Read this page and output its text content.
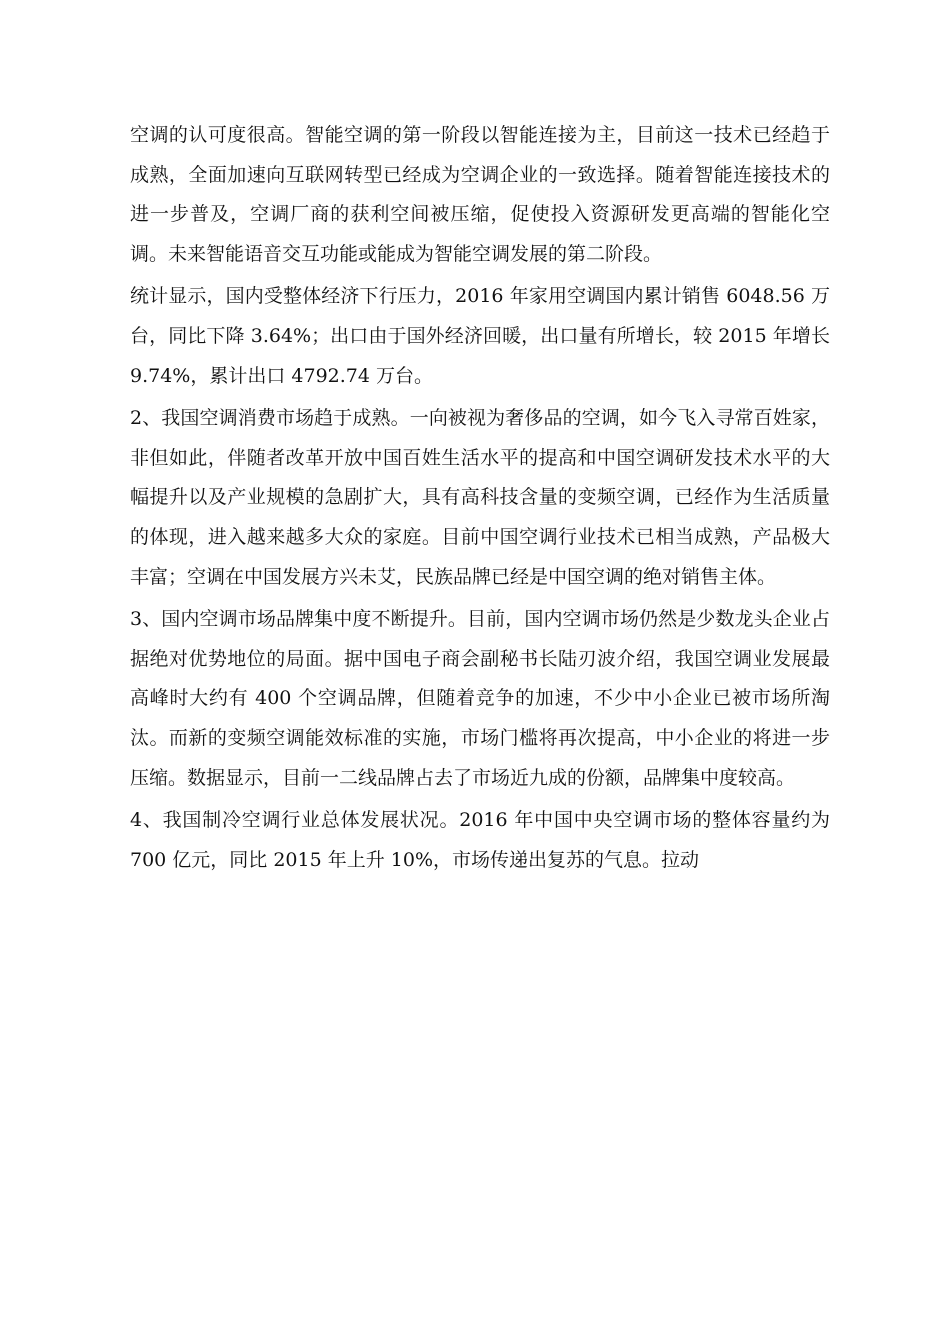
空调的认可度很高。智能空调的第一阶段以智能连接为主，目前这一技术已经趋于成熟，全面加速向互联网转型已经成为空调企业的一致选择。随着智能连接技术的进一步普及，空调厂商的获利空间被压缩，促使投入资源研发更高端的智能化空调。未来智能语音交互功能或能成为智能空调发展的第二阶段。

统计显示，国内受整体经济下行压力，2016 年家用空调国内累计销售 6048.56 万台，同比下降 3.64%；出口由于国外经济回暖，出口量有所增长，较 2015 年增长 9.74%，累计出口 4792.74 万台。

2、我国空调消费市场趋于成熟。一向被视为奢侈品的空调，如今飞入寻常百姓家，非但如此，伴随者改革开放中国百姓生活水平的提高和中国空调研发技术水平的大幅提升以及产业规模的急剧扩大，具有高科技含量的变频空调，已经作为生活质量的体现，进入越来越多大众的家庭。目前中国空调行业技术已相当成熟，产品极大丰富；空调在中国发展方兴未艾，民族品牌已经是中国空调的绝对销售主体。

3、国内空调市场品牌集中度不断提升。目前，国内空调市场仍然是少数龙头企业占据绝对优势地位的局面。据中国电子商会副秘书长陆刃波介绍，我国空调业发展最高峰时大约有 400 个空调品牌，但随着竞争的加速，不少中小企业已被市场所淘汰。而新的变频空调能效标准的实施，市场门槛将再次提高，中小企业的将进一步压缩。数据显示，目前一二线品牌占去了市场近九成的份额，品牌集中度较高。

4、我国制冷空调行业总体发展状况。2016 年中国中央空调市场的整体容量约为 700 亿元，同比 2015 年上升 10%，市场传递出复苏的气息。拉动
